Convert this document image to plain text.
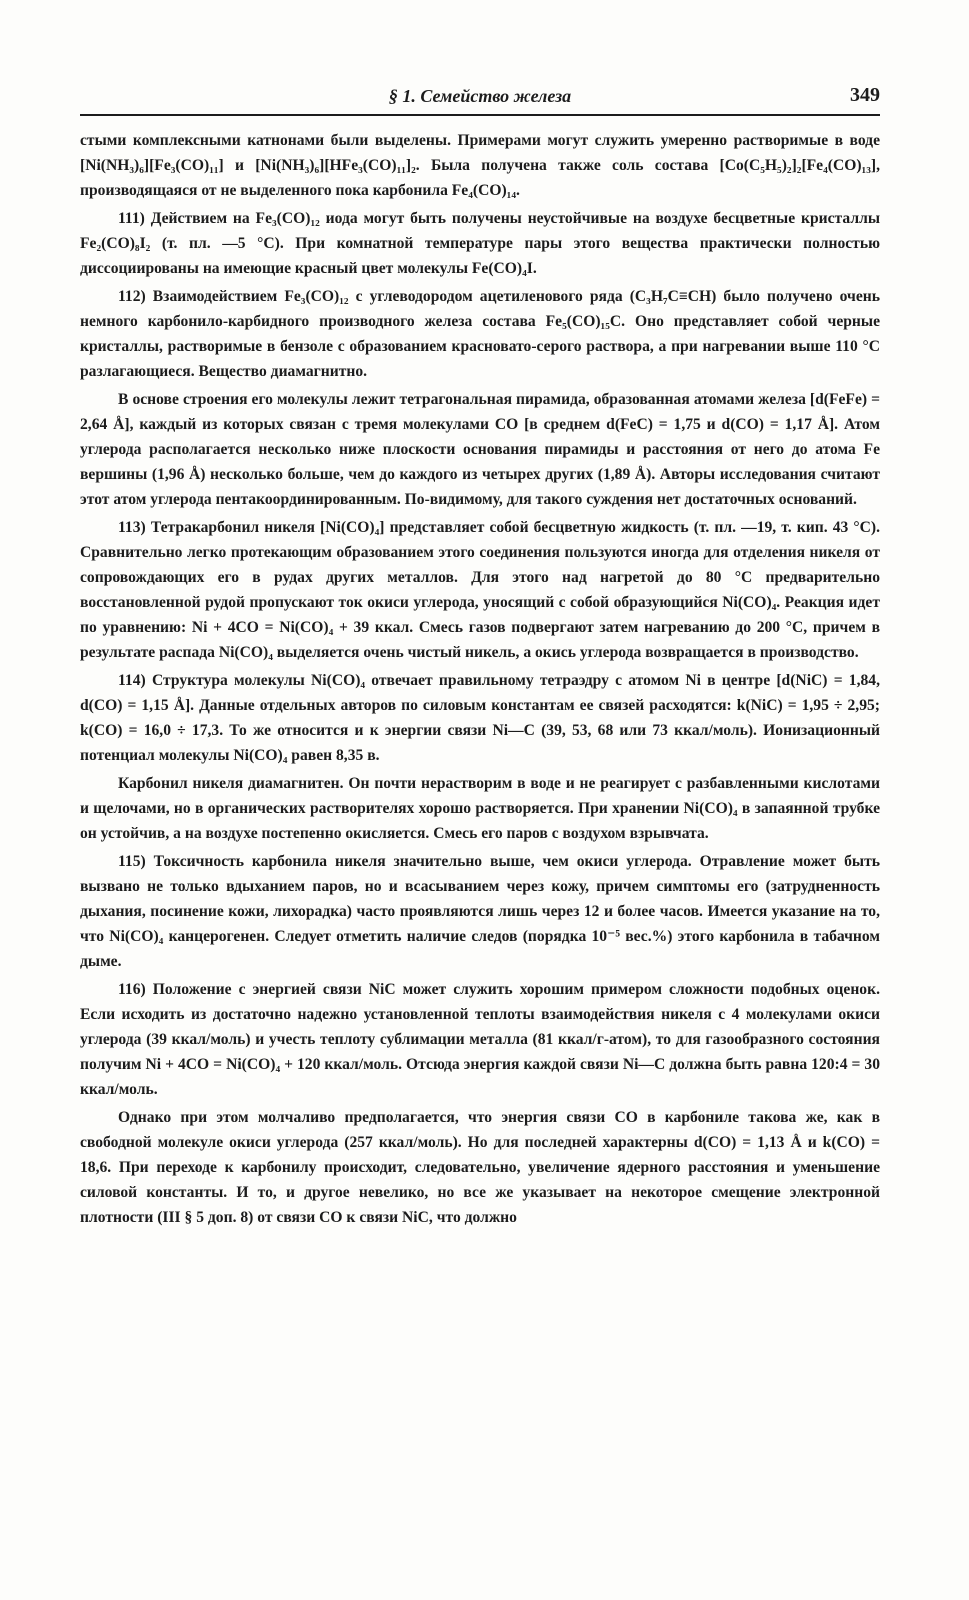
§ 1. Семейство железа	349

стыми комплексными катнонами были выделены. Примерами могут служить умеренно растворимые в воде [Ni(NH₃)₆][Fe₃(CO)₁₁] и [Ni(NH₃)₆][HFe₃(CO)₁₁]₂. Была получена также соль состава [Co(C₅H₅)₂]₂[Fe₄(CO)₁₃], производящаяся от не выделенного пока карбонила Fe₄(CO)₁₄.

111) Действием на Fe₃(CO)₁₂ иода могут быть получены неустойчивые на воздухе бесцветные кристаллы Fe₂(CO)₈I₂ (т. пл. —5 °С). При комнатной температуре пары этого вещества практически полностью диссоциированы на имеющие красный цвет молекулы Fe(CO)₄I.

112) Взаимодействием Fe₃(CO)₁₂ с углеводородом ацетиленового ряда (C₃H₇C≡CH) было получено очень немного карбонило-карбидного производного железа состава Fe₅(CO)₁₅C. Оно представляет собой черные кристаллы, растворимые в бензоле с образованием красновато-серого раствора, а при нагревании выше 110 °С разлагающиеся. Вещество диамагнитно.

В основе строения его молекулы лежит тетрагональная пирамида, образованная атомами железа [d(FeFe) = 2,64 Å], каждый из которых связан с тремя молекулами CO [в среднем d(FeC) = 1,75 и d(CO) = 1,17 Å]. Атом углерода располагается несколько ниже плоскости основания пирамиды и расстояния от него до атома Fe вершины (1,96 Å) несколько больше, чем до каждого из четырех других (1,89 Å). Авторы исследования считают этот атом углерода пентакоординированным. По-видимому, для такого суждения нет достаточных оснований.

113) Тетракарбонил никеля [Ni(CO)₄] представляет собой бесцветную жидкость (т. пл. —19, т. кип. 43 °С). Сравнительно легко протекающим образованием этого соединения пользуются иногда для отделения никеля от сопровождающих его в рудах других металлов. Для этого над нагретой до 80 °С предварительно восстановленной рудой пропускают ток окиси углерода, уносящий с собой образующийся Ni(CO)₄. Реакция идет по уравнению: Ni + 4CO = Ni(CO)₄ + 39 ккал. Смесь газов подвергают затем нагреванию до 200 °С, причем в результате распада Ni(CO)₄ выделяется очень чистый никель, а окись углерода возвращается в производство.

114) Структура молекулы Ni(CO)₄ отвечает правильному тетраэдру с атомом Ni в центре [d(NiC) = 1,84, d(CO) = 1,15 Å]. Данные отдельных авторов по силовым константам ее связей расходятся: k(NiC) = 1,95 ÷ 2,95; k(CO) = 16,0 ÷ 17,3. То же относится и к энергии связи Ni—C (39, 53, 68 или 73 ккал/моль). Ионизационный потенциал молекулы Ni(CO)₄ равен 8,35 в.

Карбонил никеля диамагнитен. Он почти нерастворим в воде и не реагирует с разбавленными кислотами и щелочами, но в органических растворителях хорошо растворяется. При хранении Ni(CO)₄ в запаянной трубке он устойчив, а на воздухе постепенно окисляется. Смесь его паров с воздухом взрывчата.

115) Токсичность карбонила никеля значительно выше, чем окиси углерода. Отравление может быть вызвано не только вдыханием паров, но и всасыванием через кожу, причем симптомы его (затрудненность дыхания, посинение кожи, лихорадка) часто проявляются лишь через 12 и более часов. Имеется указание на то, что Ni(CO)₄ канцерогенен. Следует отметить наличие следов (порядка 10⁻⁵ вес.%) этого карбонила в табачном дыме.

116) Положение с энергией связи NiC может служить хорошим примером сложности подобных оценок. Если исходить из достаточно надежно установленной теплоты взаимодействия никеля с 4 молекулами окиси углерода (39 ккал/моль) и учесть теплоту сублимации металла (81 ккал/г-атом), то для газообразного состояния получим Ni + 4CO = Ni(CO)₄ + 120 ккал/моль. Отсюда энергия каждой связи Ni—C должна быть равна 120:4 = 30 ккал/моль.

Однако при этом молчаливо предполагается, что энергия связи CO в карбониле такова же, как в свободной молекуле окиси углерода (257 ккал/моль). Но для последней характерны d(CO) = 1,13 Å и k(CO) = 18,6. При переходе к карбонилу происходит, следовательно, увеличение ядерного расстояния и уменьшение силовой константы. И то, и другое невелико, но все же указывает на некоторое смещение электронной плотности (III § 5 доп. 8) от связи CO к связи NiC, что должно
